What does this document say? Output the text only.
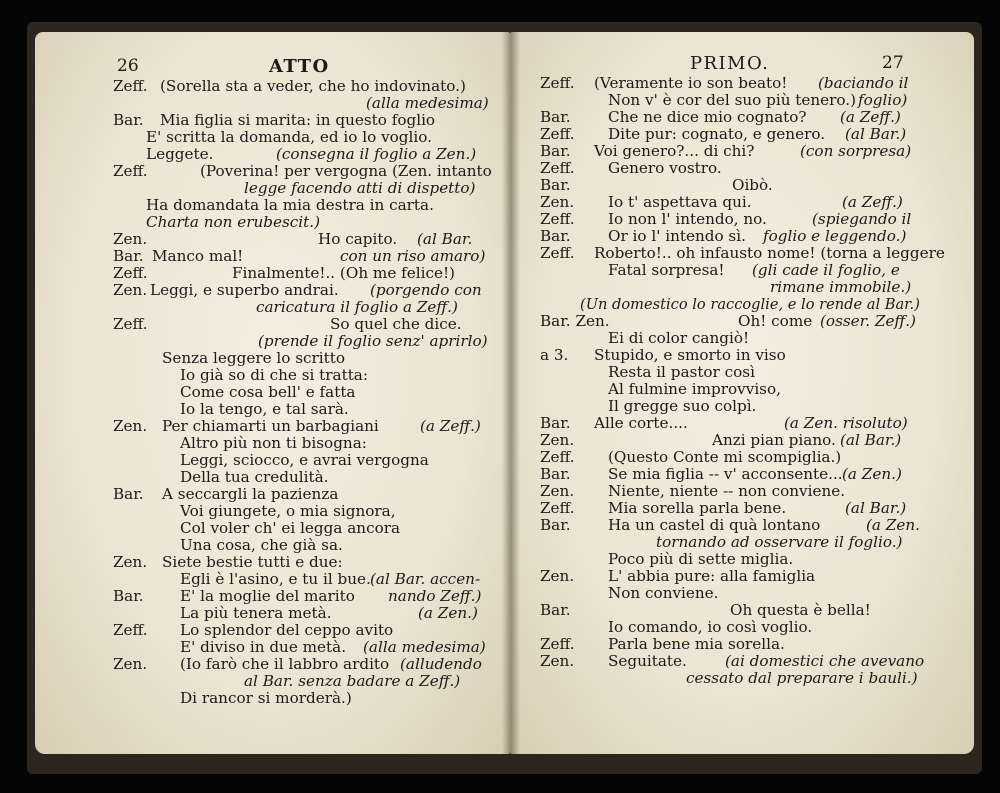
26	ATTO
Zeff. (Sorella sta a veder, che ho indovinato.)
(alla medesima)
Bar. Mia figlia si marita: in questo foglio
E' scritta la domanda, ed io lo voglio.
Leggete.	(consegna il foglio a Zen.)
Zeff.	(Poverina! per vergogna (Zen. intanto
legge facendo atti di dispetto)
Ha domandata la mia destra in carta.
Charta non erubescit.)
Zen.	Ho capito. (al Bar.
Bar. Manco mal!	con un riso amaro)
Zeff.	Finalmente!.. (Oh me felice!)
Zen. Leggi, e superbo andrai. (porgendo con
caricatura il foglio a Zeff.)
Zeff.	So quel che dice.
(prende il foglio senz' aprirlo)
Senza leggere lo scritto
Io già so di che si tratta:
Come cosa bell' e fatta
Io la tengo, e tal sarà.
Zen. Per chiamarti un barbagiani	(a Zeff.)
Altro più non ti bisogna:
Leggi, sciocco, e avrai vergogna
Della tua credulità.
Bar. A seccargli la pazienza
Voi giungete, o mia signora,
Col voler ch' ei legga ancora
Una cosa, che già sa.
Zen. Siete bestie tutti e due:
Egli è l'asino, e tu il bue. (al Bar. accen-
Bar. E' la moglie del marito nando Zeff.)
La più tenera metà.	(a Zen.)
Zeff. Lo splendor del ceppo avito
E' diviso in due metà. (alla medesima)
Zen. (Io farò che il labbro ardito (alludendo
al Bar. senza badare a Zeff.)
Di rancor si morderà.)
PRIMO.	27
Zeff. (Veramente io son beato! (baciando il
Non v' è cor del suo più tenero.) foglio)
Bar. Che ne dice mio cognato? (a Zeff.)
Zeff. Dite pur: cognato, e genero. (al Bar.)
Bar. Voi genero?... di chi?	(con sorpresa)
Zeff. Genero vostro.
Bar.	Oibò.
Zen. Io t' aspettava qui.	(a Zeff.)
Zeff. Io non l' intendo, no.	(spiegando il
Bar. Or io l' intendo sì. foglio e leggendo.)
Zeff. Roberto!.. oh infausto nome! (torna a leggere
Fatal sorpresa! (gli cade il foglio, e
rimane immobile.)
(Un domestico lo raccoglie, e lo rende al Bar.)
Bar. Zen.	Oh! come (osser. Zeff.)
Ei di color cangiò!
a 3. Stupido, e smorto in viso
Resta il pastor così
Al fulmine improvviso,
Il gregge suo colpì.
Bar. Alle corte....	(a Zen. risoluto)
Zen.	Anzi pian piano. (al Bar.)
Zeff. (Questo Conte mi scompiglia.)
Bar. Se mia figlia -- v' acconsente... (a Zen.)
Zen. Niente, niente -- non conviene.
Zeff. Mia sorella parla bene.	(al Bar.)
Bar. Ha un castel di quà lontano	(a Zen.
tornando ad osservare il foglio.)
Poco più di sette miglia.
Zen. L' abbia pure: alla famiglia
Non conviene.
Bar.	Oh questa è bella!
Io comando, io così voglio.
Zeff. Parla bene mia sorella.
Zen. Seguitate.	(ai domestici che avevano
cessato dal preparare i bauli.)
